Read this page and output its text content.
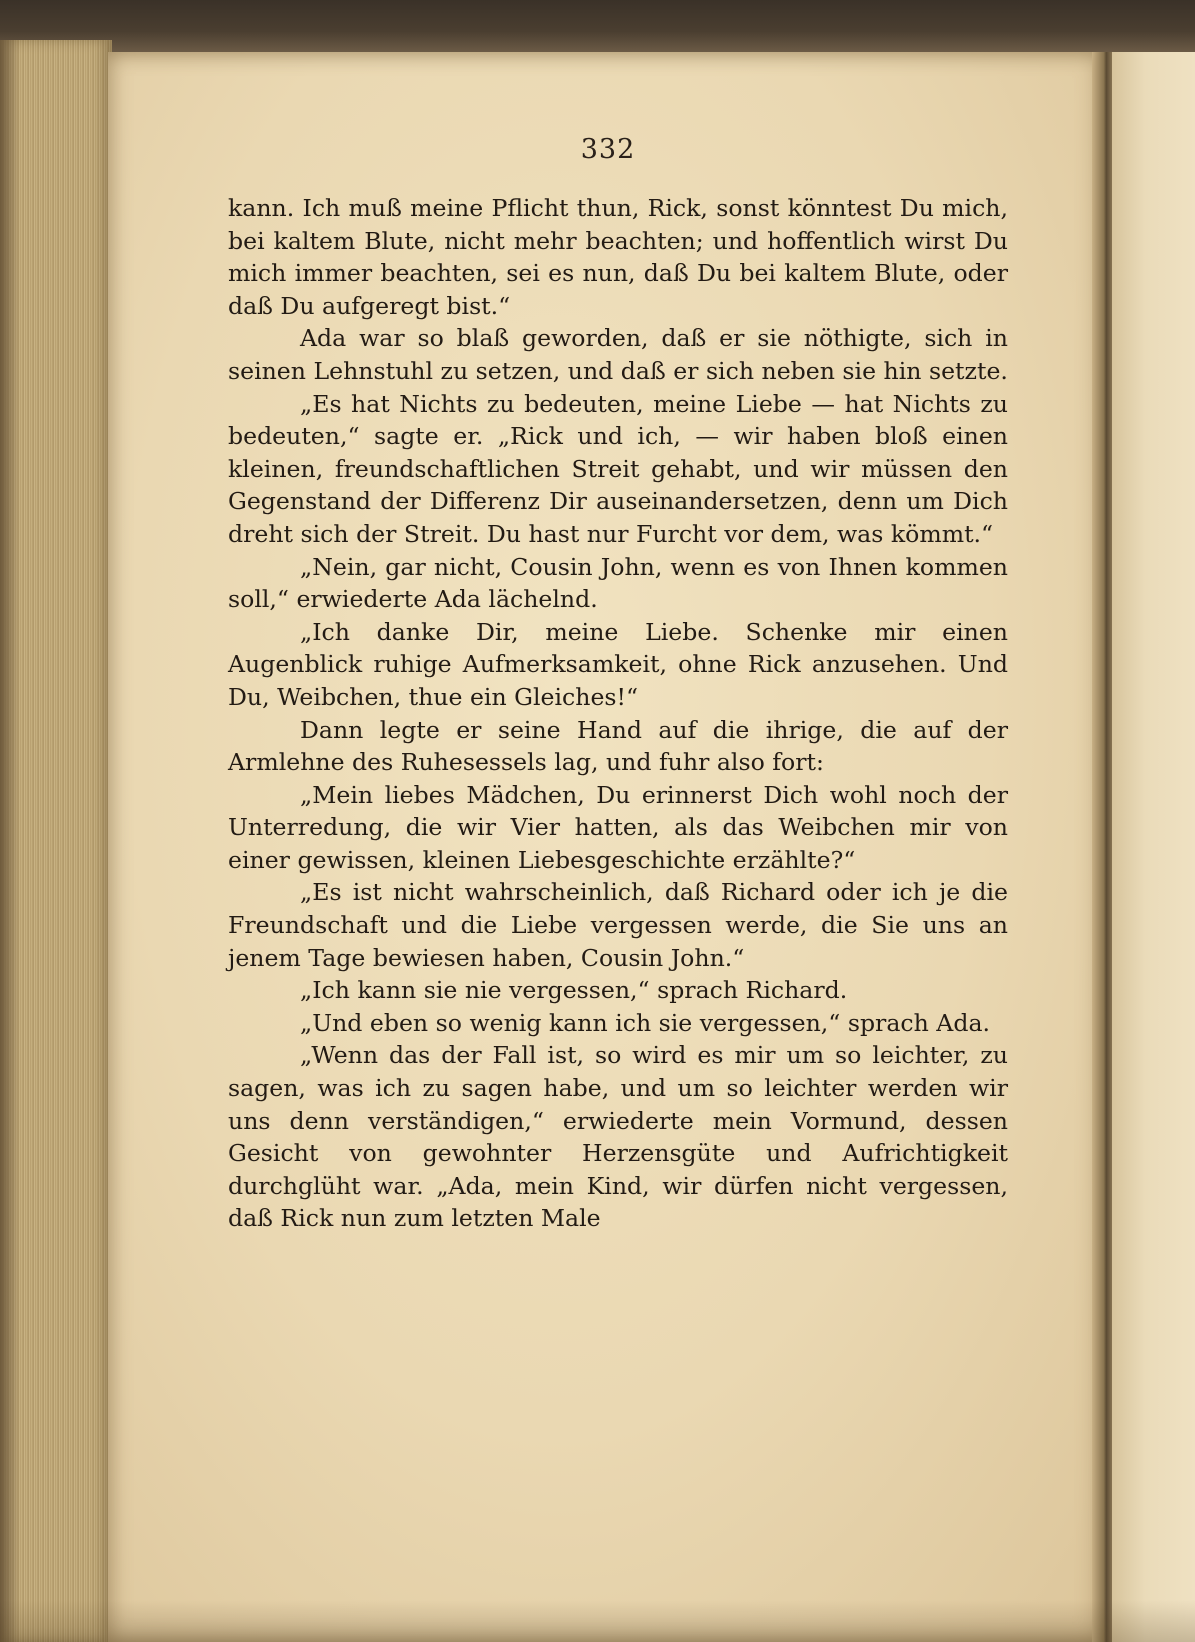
332

kann. Ich muß meine Pflicht thun, Rick, sonst könntest Du mich, bei kaltem Blute, nicht mehr beachten; und hoffentlich wirst Du mich immer beachten, sei es nun, daß Du bei kaltem Blute, oder daß Du aufgeregt bist.“

Ada war so blaß geworden, daß er sie nöthigte, sich in seinen Lehnstuhl zu setzen, und daß er sich neben sie hin setzte.

„Es hat Nichts zu bedeuten, meine Liebe — hat Nichts zu bedeuten,“ sagte er. „Rick und ich, — wir haben bloß einen kleinen, freundschaftlichen Streit gehabt, und wir müssen den Gegenstand der Differenz Dir auseinandersetzen, denn um Dich dreht sich der Streit. Du hast nur Furcht vor dem, was kömmt.“

„Nein, gar nicht, Cousin John, wenn es von Ihnen kommen soll,“ erwiederte Ada lächelnd.

„Ich danke Dir, meine Liebe. Schenke mir einen Augenblick ruhige Aufmerksamkeit, ohne Rick anzusehen. Und Du, Weibchen, thue ein Gleiches!“

Dann legte er seine Hand auf die ihrige, die auf der Armlehne des Ruhesessels lag, und fuhr also fort:

„Mein liebes Mädchen, Du erinnerst Dich wohl noch der Unterredung, die wir Vier hatten, als das Weibchen mir von einer gewissen, kleinen Liebesgeschichte erzählte?“

„Es ist nicht wahrscheinlich, daß Richard oder ich je die Freundschaft und die Liebe vergessen werde, die Sie uns an jenem Tage bewiesen haben, Cousin John.“

„Ich kann sie nie vergessen,“ sprach Richard.

„Und eben so wenig kann ich sie vergessen,“ sprach Ada.

„Wenn das der Fall ist, so wird es mir um so leichter, zu sagen, was ich zu sagen habe, und um so leichter werden wir uns denn verständigen,“ erwiederte mein Vormund, dessen Gesicht von gewohnter Herzensgüte und Aufrichtigkeit durchglüht war. „Ada, mein Kind, wir dürfen nicht vergessen, daß Rick nun zum letzten Male
